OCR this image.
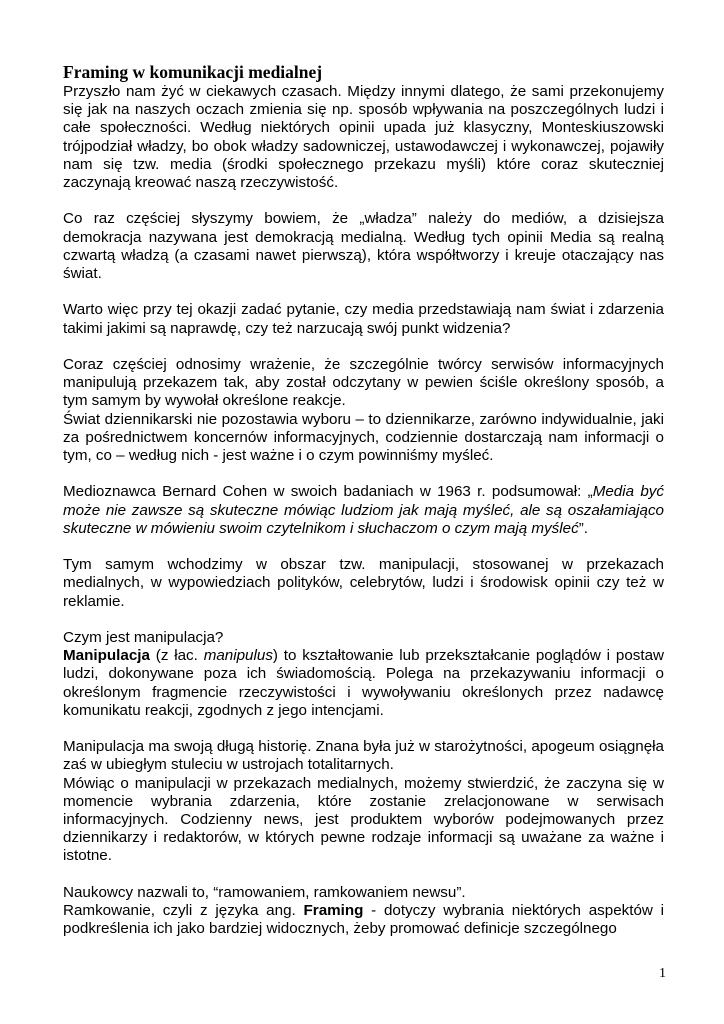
Framing w komunikacji medialnej

Przyszło nam żyć w ciekawych czasach. Między innymi dlatego, że sami przekonujemy się jak na naszych oczach zmienia się np. sposób wpływania na poszczególnych ludzi i całe społeczności. Według niektórych opinii upada już klasyczny, Monteskiuszowski trójpodział władzy, bo obok władzy sadowniczej, ustawodawczej i wykonawczej, pojawiły nam się tzw. media (środki społecznego przekazu myśli) które coraz skuteczniej zaczynają kreować naszą rzeczywistość.

Co raz częściej słyszymy bowiem, że „władza” należy do mediów, a dzisiejsza demokracja nazywana jest demokracją medialną. Według tych opinii Media są realną czwartą władzą (a czasami nawet pierwszą), która współtworzy i kreuje otaczający nas świat.

Warto więc przy tej okazji zadać pytanie, czy media przedstawiają nam świat i zdarzenia takimi jakimi są naprawdę, czy też narzucają swój punkt widzenia?

Coraz częściej odnosimy wrażenie, że szczególnie twórcy serwisów informacyjnych manipulują przekazem tak, aby został odczytany w pewien ściśle określony sposób, a tym samym by wywołał określone reakcje.

Świat dziennikarski nie pozostawia wyboru – to dziennikarze, zarówno indywidualnie, jaki za pośrednictwem koncernów informacyjnych, codziennie dostarczają nam informacji o tym, co – według nich - jest ważne i o czym powinniśmy myśleć.

Medioznawca Bernard Cohen w swoich badaniach w 1963 r. podsumował: „Media być może nie zawsze są skuteczne mówiąc ludziom jak mają myśleć, ale są oszałamiająco skuteczne w mówieniu swoim czytelnikom i słuchaczom o czym mają myśleć”.

Tym samym wchodzimy w obszar tzw. manipulacji, stosowanej w przekazach medialnych, w wypowiedziach polityków, celebrytów, ludzi i środowisk opinii czy też w reklamie.

Czym jest manipulacja?

Manipulacja (z łac. manipulus) to kształtowanie lub przekształcanie poglądów i postaw ludzi, dokonywane poza ich świadomością. Polega na przekazywaniu informacji o określonym fragmencie rzeczywistości i wywoływaniu określonych przez nadawcę komunikatu reakcji, zgodnych z jego intencjami.

Manipulacja ma swoją długą historię. Znana była już w starożytności, apogeum osiągnęła zaś w ubiegłym stuleciu w ustrojach totalitarnych.

Mówiąc o manipulacji w przekazach medialnych, możemy stwierdzić, że zaczyna się w momencie wybrania zdarzenia, które zostanie zrelacjonowane w serwisach informacyjnych. Codzienny news, jest produktem wyborów podejmowanych przez dziennikarzy i redaktorów, w których pewne rodzaje informacji są uważane za ważne i istotne.

Naukowcy nazwali to, “ramowaniem, ramkowaniem newsu”.

Ramkowanie, czyli z języka ang. Framing - dotyczy wybrania niektórych aspektów i podkreślenia ich jako bardziej widocznych, żeby promować definicje szczególnego

1
